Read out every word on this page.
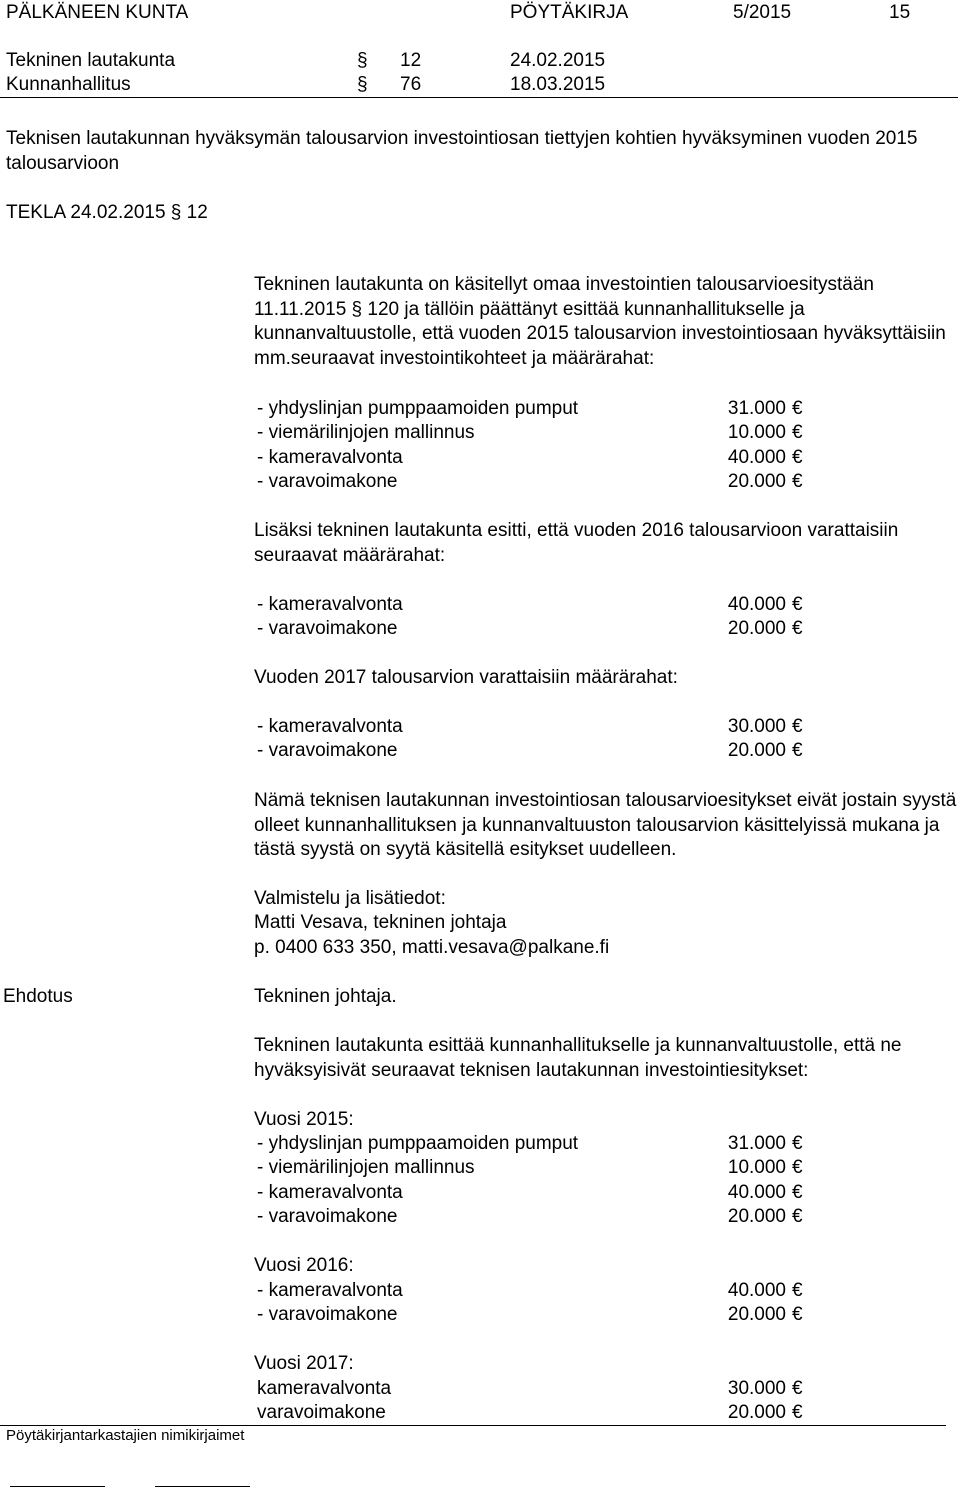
PÄLKÄNEEN KUNTA	PÖYTÄKIRJA	5/2015	15
Tekninen lautakunta	§ 12	24.02.2015
Kunnanhallitus	§ 76	18.03.2015
Teknisen lautakunnan hyväksymän talousarvion investointiosan tiettyjen kohtien hyväksyminen vuoden 2015 talousarvioon
TEKLA 24.02.2015 § 12
Tekninen lautakunta on käsitellyt omaa investointien talousarvioesitystään 11.11.2015 § 120 ja tällöin päättänyt esittää kunnanhallitukselle ja kunnanvaltuustolle, että vuoden 2015 talousarvion investointiosaan hyväksyttäisiin mm.seuraavat investointikohteet ja määrärahat:
- yhdyslinjan pumppaamoiden pumput	31.000 €
- viemärilinjojen mallinnus	10.000 €
- kameravalvonta	40.000 €
- varavoimakone	20.000 €
Lisäksi tekninen lautakunta esitti, että vuoden 2016 talousarvioon varattaisiin seuraavat määrärahat:
- kameravalvonta	40.000 €
- varavoimakone	20.000 €
Vuoden 2017 talousarvion varattaisiin määrärahat:
- kameravalvonta	30.000 €
- varavoimakone	20.000 €
Nämä teknisen lautakunnan investointiosan talousarvioesitykset eivät jostain syystä olleet kunnanhallituksen ja kunnanvaltuuston talousarvion käsittelyissä mukana ja tästä syystä on syytä käsitellä esitykset uudelleen.
Valmistelu ja lisätiedot:
Matti Vesava, tekninen johtaja
p. 0400 633 350, matti.vesava@palkane.fi
Ehdotus	Tekninen johtaja.
Tekninen lautakunta esittää kunnanhallitukselle ja kunnanvaltuustolle, että ne hyväksyisivät seuraavat teknisen lautakunnan investointiesitykset:
Vuosi 2015:
- yhdyslinjan pumppaamoiden pumput	31.000 €
- viemärilinjojen mallinnus	10.000 €
- kameravalvonta	40.000 €
- varavoimakone	20.000 €
Vuosi 2016:
- kameravalvonta	40.000 €
- varavoimakone	20.000 €
Vuosi 2017:
kameravalvonta	30.000 €
varavoimakone	20.000 €
Pöytäkirjantarkastajien nimikirjaimet
